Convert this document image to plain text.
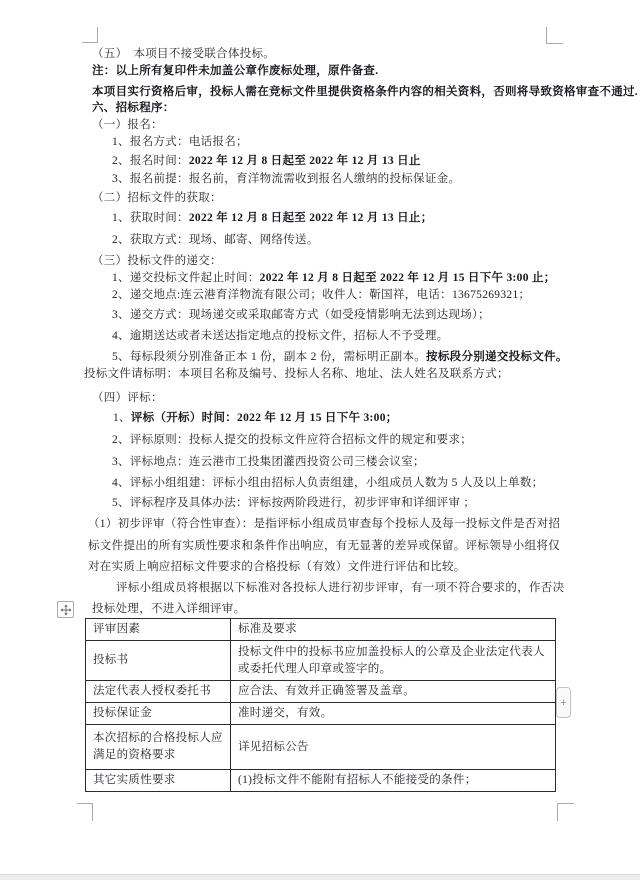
（五）　本项目不接受联合体投标。
注：以上所有复印件未加盖公章作废标处理，原件备查.
本项目实行资格后审，投标人需在竞标文件里提供资格条件内容的相关资料，否则将导致资格审查不通过.
六、招标程序：
（一）报名：
1、报名方式：电话报名；
2、报名时间：2022 年 12 月 8 日起至 2022 年 12 月 13 日止
3、报名前提：报名前，育洋物流需收到报名人缴纳的投标保证金。
（二）招标文件的获取：
1、获取时间：2022 年 12 月 8 日起至 2022 年 12 月 13 日止；
2、获取方式：现场、邮寄、网络传送。
（三）投标文件的递交：
1、递交投标文件起止时间：2022 年 12 月 8 日起至 2022 年 12 月 15 日下午 3:00 止；
2、递交地点:连云港育洋物流有限公司；收件人：靳国祥，电话：13675269321；
3、递交方式：现场递交或采取邮寄方式（如受疫情影响无法到达现场）；
4、逾期送达或者未送达指定地点的投标文件，招标人不予受理。
5、每标段须分别准备正本 1 份，副本 2 份，需标明正副本。按标段分别递交投标文件。
投标文件请标明：本项目名称及编号、投标人名称、地址、法人姓名及联系方式；
（四）评标：
1、评标（开标）时间：2022 年 12 月 15 日下午 3:00；
2、评标原则：投标人提交的投标文件应符合招标文件的规定和要求；
3、评标地点：连云港市工投集团灌西投资公司三楼会议室；
4、评标小组组建：评标小组由招标人负责组建，小组成员人数为 5 人及以上单数；
5、评标程序及具体办法：评标按两阶段进行，初步评审和详细评审 ；
（1）初步评审（符合性审查）：是指评标小组成员审查每个投标人及每一投标文件是否对招
标文件提出的所有实质性要求和条件作出响应，有无显著的差异或保留。评标领导小组将仅
对在实质上响应招标文件要求的合格投标（有效）文件进行评估和比较。
评标小组成员将根据以下标准对各投标人进行初步评审，有一项不符合要求的，作否决
投标处理，不进入详细评审。
评审因素	标准及要求
投标书	投标文件中的投标书应加盖投标人的公章及企业法定代表人或委托代理人印章或签字的。
法定代表人授权委托书	应合法、有效并正确签署及盖章。
投标保证金	准时递交，有效。
本次招标的合格投标人应满足的资格要求	详见招标公告
其它实质性要求	(1)投标文件不能附有招标人不能接受的条件；
+
